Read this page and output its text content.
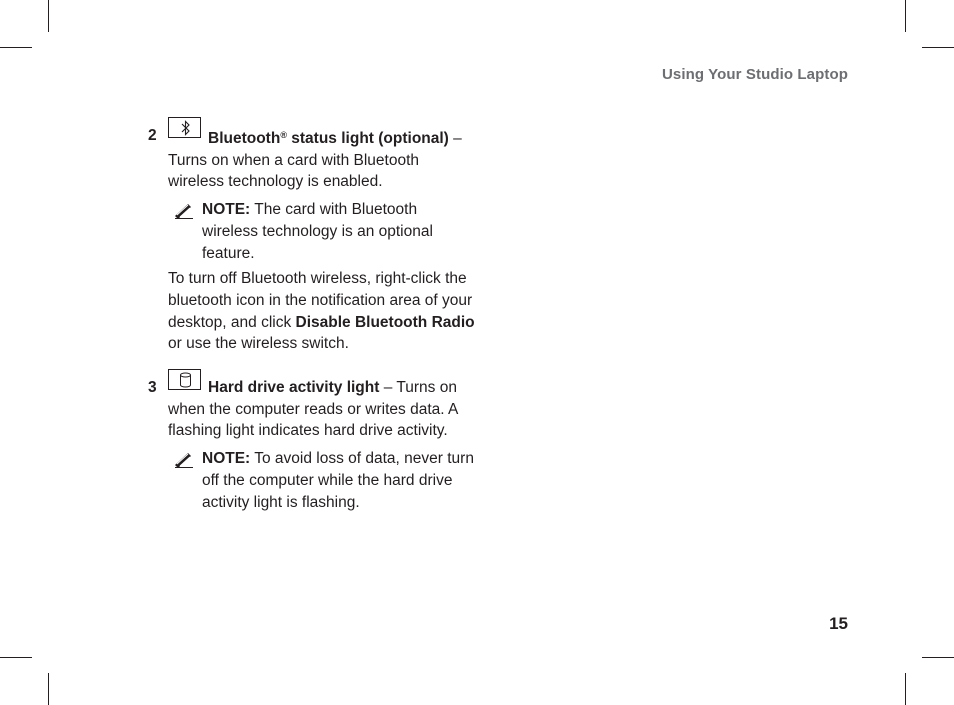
Using Your Studio Laptop
2	Bluetooth® status light (optional) – Turns on when a card with Bluetooth wireless technology is enabled.
NOTE: The card with Bluetooth wireless technology is an optional feature.
To turn off Bluetooth wireless, right-click the bluetooth icon in the notification area of your desktop, and click Disable Bluetooth Radio or use the wireless switch.
3	Hard drive activity light – Turns on when the computer reads or writes data. A flashing light indicates hard drive activity.
NOTE: To avoid loss of data, never turn off the computer while the hard drive activity light is flashing.
15
